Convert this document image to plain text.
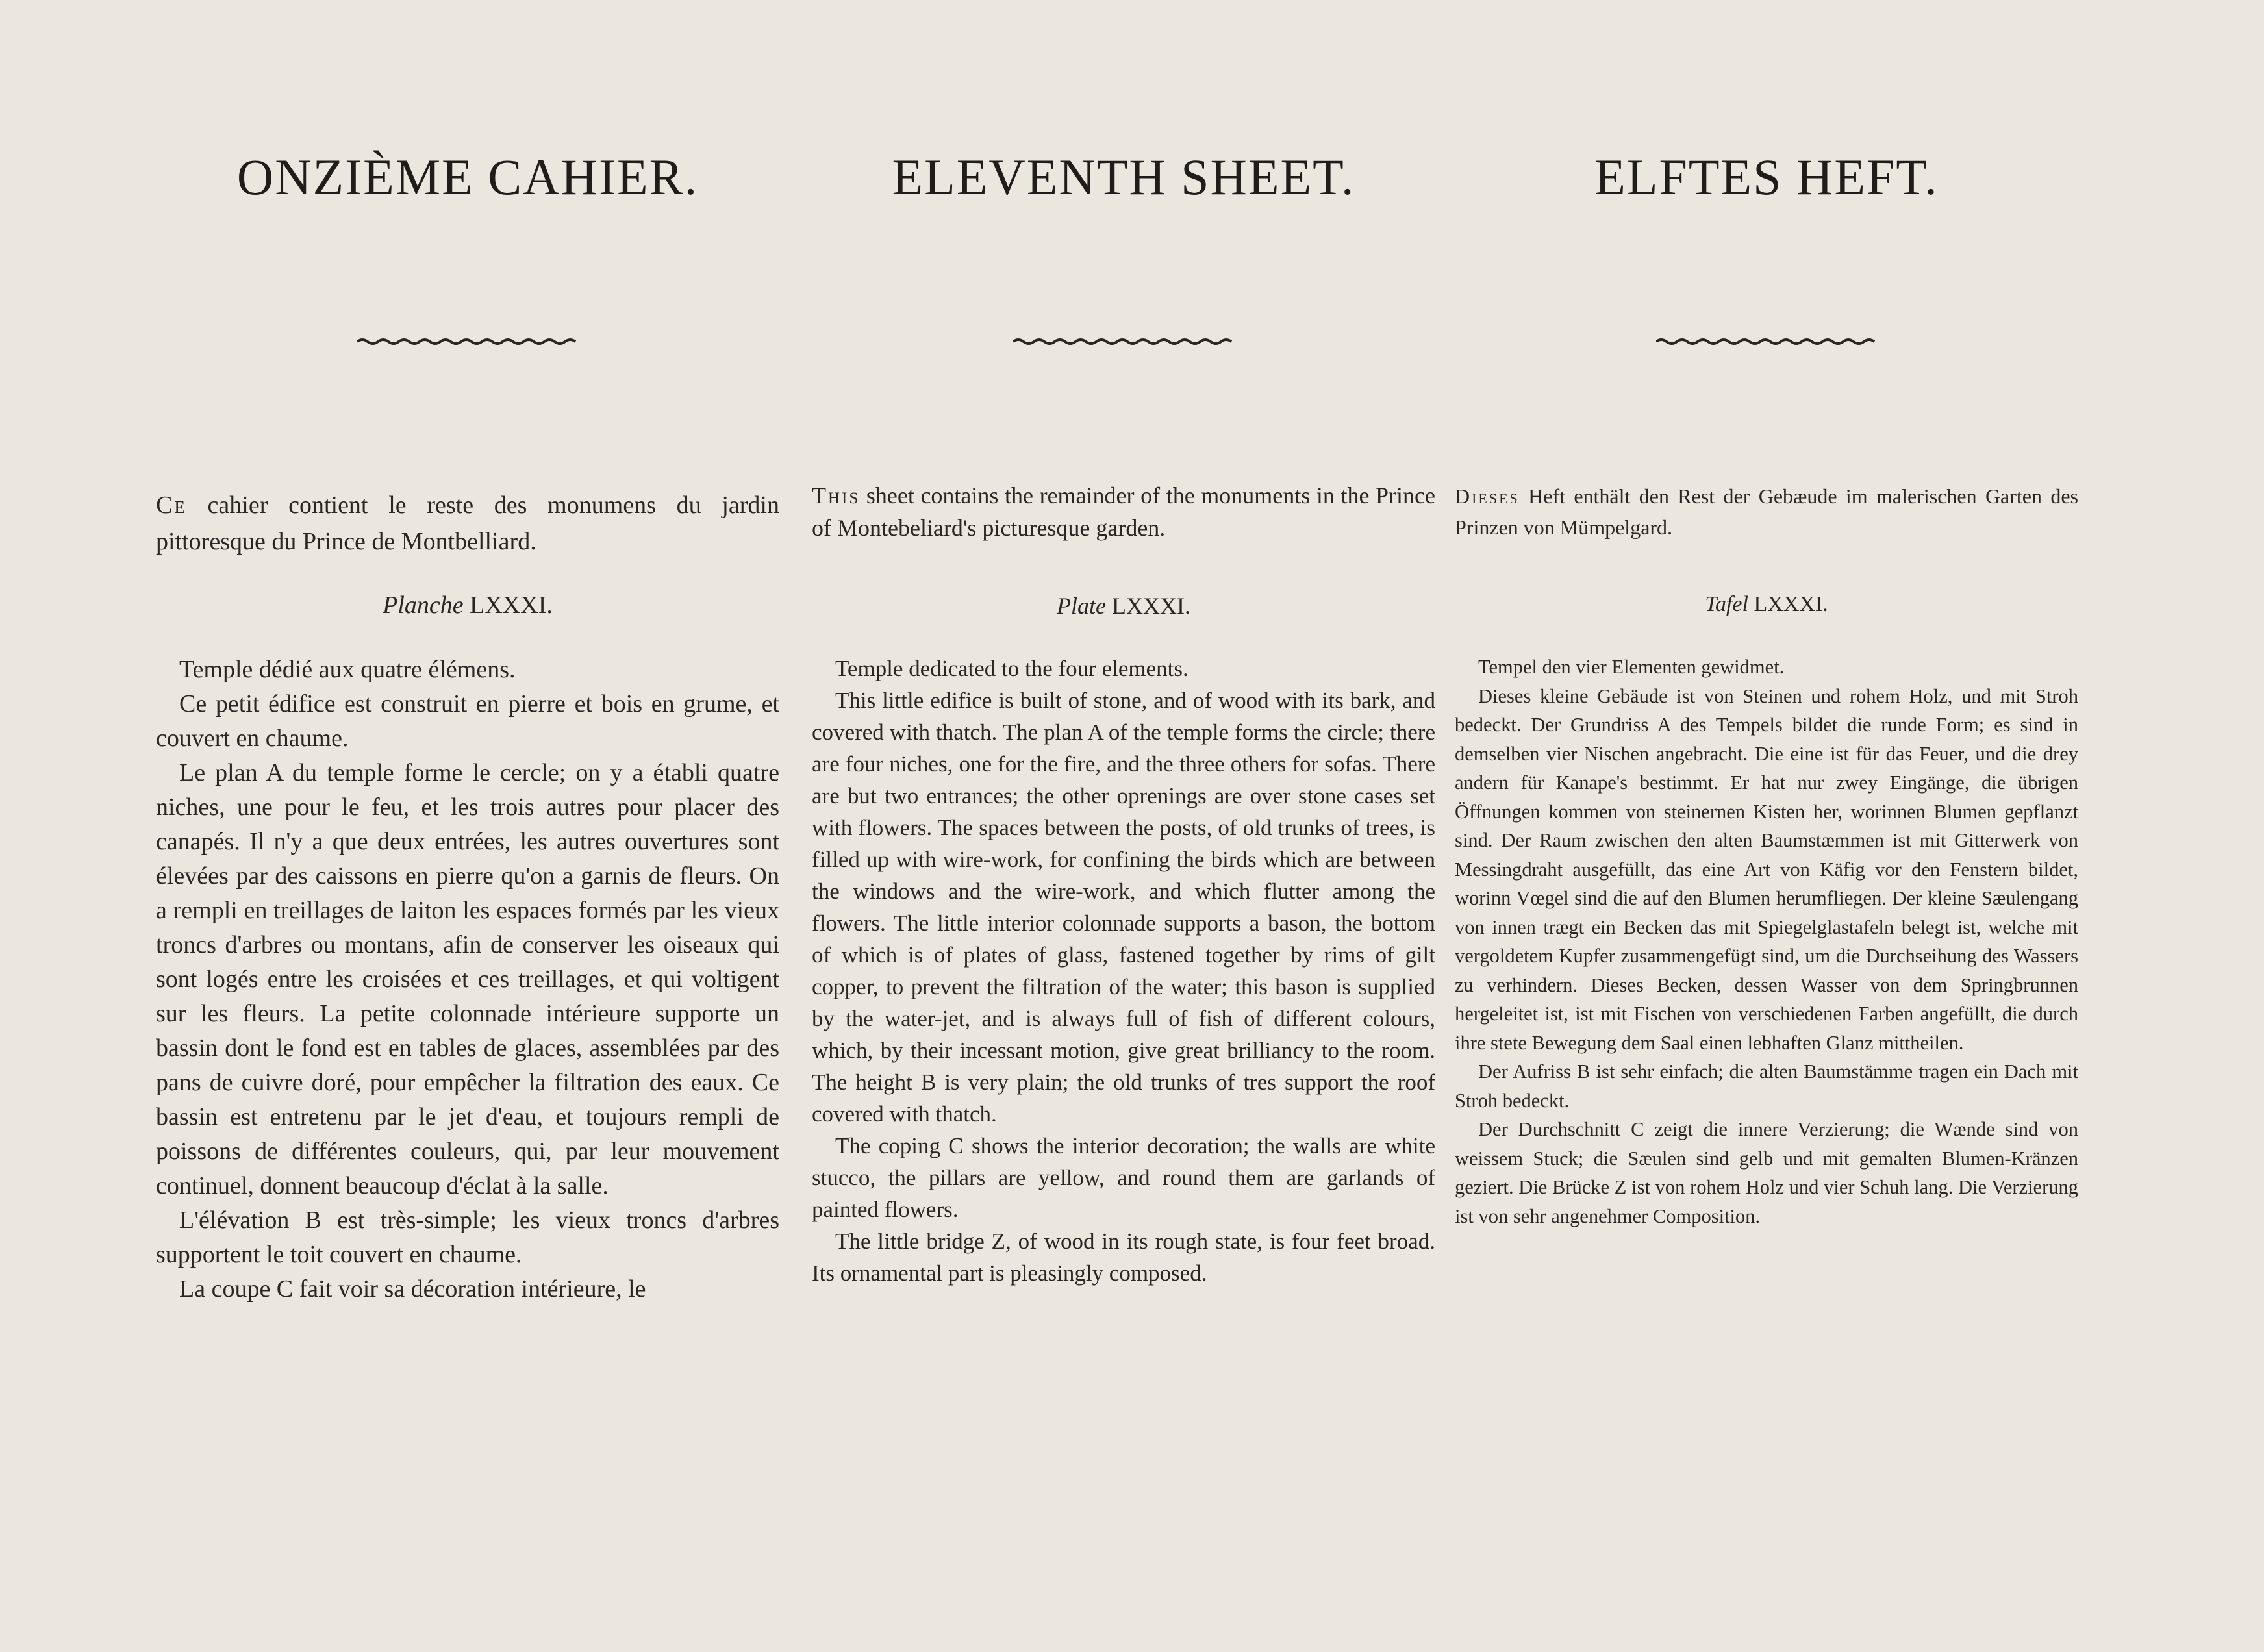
ONZIÈME CAHIER.
Ce cahier contient le reste des monumens du jardin pittoresque du Prince de Montbelliard.
Planche LXXXI.

Temple dédié aux quatre élémens.

Ce petit édifice est construit en pierre et bois en grume, et couvert en chaume.

Le plan A du temple forme le cercle; on y a établi quatre niches, une pour le feu, et les trois autres pour placer des canapés. Il n'y a que deux entrées, les autres ouvertures sont élevées par des caissons en pierre qu'on a garnis de fleurs. On a rempli en treillages de laiton les espaces formés par les vieux troncs d'arbres ou montans, afin de conserver les oiseaux qui sont logés entre les croisées et ces treillages, et qui voltigent sur les fleurs. La petite colonnade intérieure supporte un bassin dont le fond est en tables de glaces, assemblées par des pans de cuivre doré, pour empêcher la filtration des eaux. Ce bassin est entretenu par le jet d'eau, et toujours rempli de poissons de différentes couleurs, qui, par leur mouvement continuel, donnent beaucoup d'éclat à la salle.

L'élévation B est très-simple; les vieux troncs d'arbres supportent le toit couvert en chaume.

La coupe C fait voir sa décoration intérieure, le

ELEVENTH SHEET.
This sheet contains the remainder of the monuments in the Prince of Montebeliard's picturesque garden.
Plate LXXXI.

Temple dedicated to the four elements.

This little edifice is built of stone, and of wood with its bark, and covered with thatch. The plan A of the temple forms the circle; there are four niches, one for the fire, and the three others for sofas. There are but two entrances; the other oprenings are over stone cases set with flowers. The spaces between the posts, of old trunks of trees, is filled up with wire-work, for confining the birds which are between the windows and the wire-work, and which flutter among the flowers. The little interior colonnade supports a bason, the bottom of which is of plates of glass, fastened together by rims of gilt copper, to prevent the filtration of the water; this bason is supplied by the water-jet, and is always full of fish of different colours, which, by their incessant motion, give great brilliancy to the room. The height B is very plain; the old trunks of tres support the roof covered with thatch.

The coping C shows the interior decoration; the walls are white stucco, the pillars are yellow, and round them are garlands of painted flowers.

The little bridge Z, of wood in its rough state, is four feet broad. Its ornamental part is pleasingly composed.

ELFTES HEFT.
Dieses Heft enthält den Rest der Gebæude im malerischen Garten des Prinzen von Mümpelgard.
Tafel LXXXI.

Tempel den vier Elementen gewidmet.

Dieses kleine Gebäude ist von Steinen und rohem Holz, und mit Stroh bedeckt. Der Grundriss A des Tempels bildet die runde Form; es sind in demselben vier Nischen angebracht. Die eine ist für das Feuer, und die drey andern für Kanape's bestimmt. Er hat nur zwey Eingänge, die übrigen Öffnungen kommen von steinernen Kisten her, worinnen Blumen gepflanzt sind. Der Raum zwischen den alten Baumstæmmen ist mit Gitterwerk von Messingdraht ausgefüllt, das eine Art von Käfig vor den Fenstern bildet, worinn Vœgel sind die auf den Blumen herumfliegen. Der kleine Sæulengang von innen trægt ein Becken das mit Spiegelglastafeln belegt ist, welche mit vergoldetem Kupfer zusammengefügt sind, um die Durchseihung des Wassers zu verhindern. Dieses Becken, dessen Wasser von dem Springbrunnen hergeleitet ist, ist mit Fischen von verschiedenen Farben angefüllt, die durch ihre stete Bewegung dem Saal einen lebhaften Glanz mittheilen.

Der Aufriss B ist sehr einfach; die alten Baumstämme tragen ein Dach mit Stroh bedeckt.

Der Durchschnitt C zeigt die innere Verzierung; die Wænde sind von weissem Stuck; die Sæulen sind gelb und mit gemalten Blumen-Kränzen geziert. Die Brücke Z ist von rohem Holz und vier Schuh lang. Die Verzierung ist von sehr angenehmer Composition.
